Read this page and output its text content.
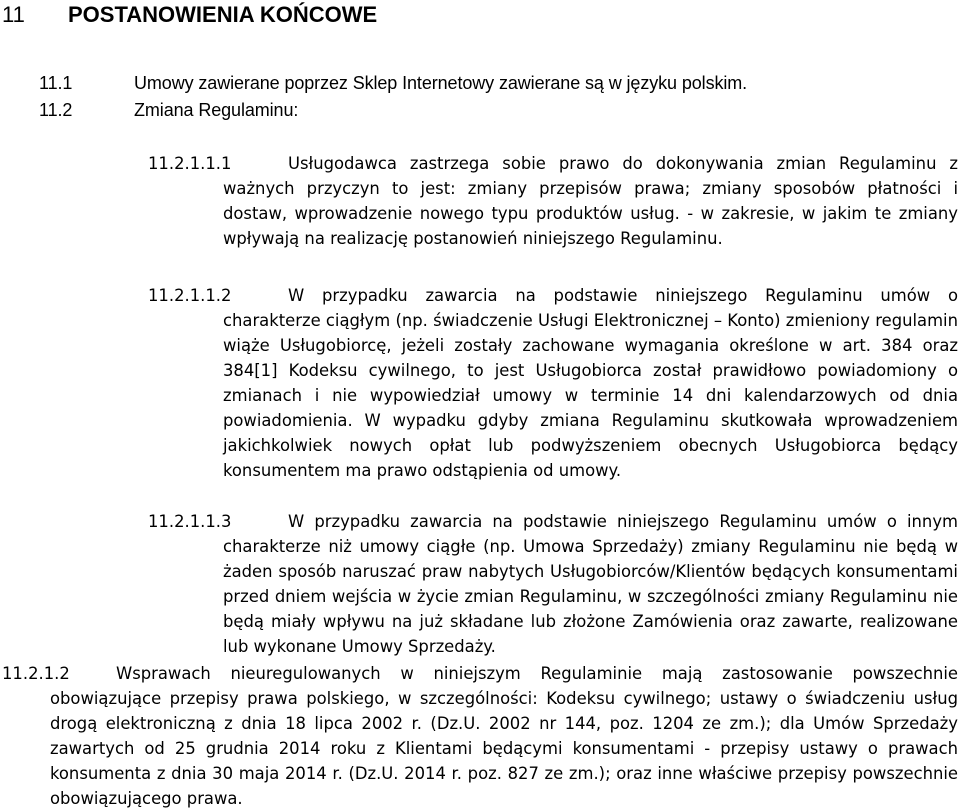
11 POSTANOWIENIA KOŃCOWE
11.1	Umowy zawierane poprzez Sklep Internetowy zawierane są w języku polskim.
11.2	Zmiana Regulaminu:
11.2.1.1.1	Usługodawca zastrzega sobie prawo do dokonywania zmian Regulaminu z ważnych przyczyn to jest: zmiany przepisów prawa; zmiany sposobów płatności i dostaw, wprowadzenie nowego typu produktów usług. - w zakresie, w jakim te zmiany wpływają na realizację postanowień niniejszego Regulaminu.
11.2.1.1.2	W przypadku zawarcia na podstawie niniejszego Regulaminu umów o charakterze ciągłym (np. świadczenie Usługi Elektronicznej – Konto) zmieniony regulamin wiąże Usługobiorcę, jeżeli zostały zachowane wymagania określone w art. 384 oraz 384[1] Kodeksu cywilnego, to jest Usługobiorca został prawidłowo powiadomiony o zmianach i nie wypowiedział umowy w terminie 14 dni kalendarzowych od dnia powiadomienia. W wypadku gdyby zmiana Regulaminu skutkowała wprowadzeniem jakichkolwiek nowych opłat lub podwyższeniem obecnych Usługobiorca będący konsumentem ma prawo odstąpienia od umowy.
11.2.1.1.3	W przypadku zawarcia na podstawie niniejszego Regulaminu umów o innym charakterze niż umowy ciągłe (np. Umowa Sprzedaży) zmiany Regulaminu nie będą w żaden sposób naruszać praw nabytych Usługobiorców/Klientów będących konsumentami przed dniem wejścia w życie zmian Regulaminu, w szczególności zmiany Regulaminu nie będą miały wpływu na już składane lub złożone Zamówienia oraz zawarte, realizowane lub wykonane Umowy Sprzedaży.
11.2.1.2	Wsprawach nieuregulowanych w niniejszym Regulaminie mają zastosowanie powszechnie obowiązujące przepisy prawa polskiego, w szczególności: Kodeksu cywilnego; ustawy o świadczeniu usług drogą elektroniczną z dnia 18 lipca 2002 r. (Dz.U. 2002 nr 144, poz. 1204 ze zm.); dla Umów Sprzedaży zawartych od 25 grudnia 2014 roku z Klientami będącymi konsumentami - przepisy ustawy o prawach konsumenta z dnia 30 maja 2014 r. (Dz.U. 2014 r. poz. 827 ze zm.); oraz inne właściwe przepisy powszechnie obowiązującego prawa.
